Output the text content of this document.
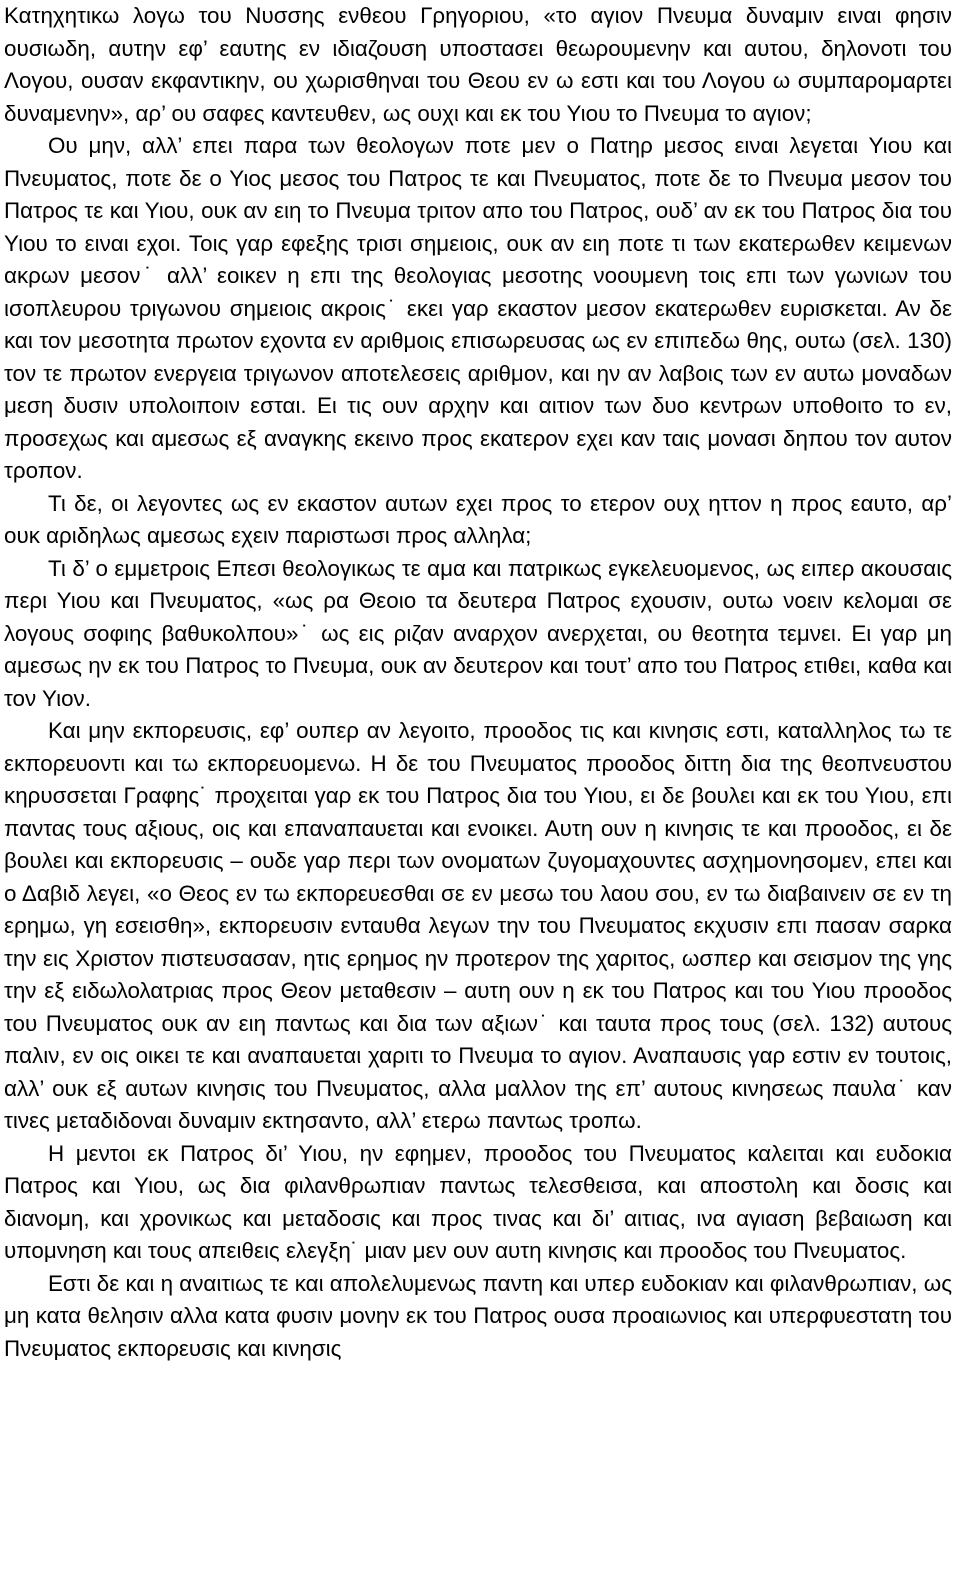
Κατηχητικω λογω του Νυσσης ενθεου Γρηγοριου, «το αγιον Πνευμα δυναμιν ειναι φησιν ουσιωδη, αυτην εφ’ εαυτης εν ιδιαζουση υποστασει θεωρουμενην και αυτου, δηλονοτι του Λογου, ουσαν εκφαντικην, ου χωρισθηναι του Θεου εν ω εστι και του Λογου ω συμπαρομαρτει δυναμενην», αρ’ ου σαφες καντευθεν, ως ουχι και εκ του Υιου το Πνευμα το αγιον;

Ου μην, αλλ’ επει παρα των θεολογων ποτε μεν ο Πατηρ μεσος ειναι λεγεται Υιου και Πνευματος, ποτε δε ο Υιος μεσος του Πατρος τε και Πνευματος, ποτε δε το Πνευμα μεσον του Πατρος τε και Υιου, ουκ αν ειη το Πνευμα τριτον απο του Πατρος, ουδ’ αν εκ του Πατρος δια του Υιου το ειναι εχοι. Τοις γαρ εφεξης τρισι σημειοις, ουκ αν ειη ποτε τι των εκατερωθεν κειμενων ακρων μεσον˙ αλλ’ εοικεν η επι της θεολογιας μεσοτης νοουμενη τοις επι των γωνιων του ισοπλευρου τριγωνου σημειοις ακροις˙ εκει γαρ εκαστον μεσον εκατερωθεν ευρισκεται. Αν δε και τον μεσοτητα πρωτον εχοντα εν αριθμοις επισωρευσας ως εν επιπεδω θης, ουτω (σελ. 130) τον τε πρωτον ενεργεια τριγωνον αποτελεσεις αριθμον, και ην αν λαβοις των εν αυτω μοναδων μεση δυσιν υπολοιποιν εσται. Ει τις ουν αρχην και αιτιον των δυο κεντρων υποθοιτο το εν, προσεχως και αμεσως εξ αναγκης εκεινο προς εκατερον εχει καν ταις μονασι δηπου τον αυτον τροπον.

Τι δε, οι λεγοντες ως εν εκαστον αυτων εχει προς το ετερον ουχ ηττον η προς εαυτο, αρ’ ουκ αριδηλως αμεσως εχειν παριστωσι προς αλληλα;

Τι δ’ ο εμμετροις Επεσι θεολογικως τε αμα και πατρικως εγκελευομενος, ως ειπερ ακουσαις περι Υιου και Πνευματος, «ως ρα Θεοιο τα δευτερα Πατρος εχουσιν, ουτω νοειν κελομαι σε λογους σοφιης βαθυκολπου»˙ ως εις ριζαν αναρχον ανερχεται, ου θεοτητα τεμνει. Ει γαρ μη αμεσως ην εκ του Πατρος το Πνευμα, ουκ αν δευτερον και τουτ’ απο του Πατρος ετιθει, καθα και τον Υιον.

Και μην εκπορευσις, εφ’ ουπερ αν λεγοιτο, προοδος τις και κινησις εστι, καταλληλος τω τε εκπορευοντι και τω εκπορευομενω. Η δε του Πνευματος προοδος διττη δια της θεοπνευστου κηρυσσεται Γραφης˙ προχειται γαρ εκ του Πατρος δια του Υιου, ει δε βουλει και εκ του Υιου, επι παντας τους αξιους, οις και επαναπαυεται και ενοικει. Αυτη ουν η κινησις τε και προοδος, ει δε βουλει και εκπορευσις – ουδε γαρ περι των ονοματων ζυγομαχουντες ασχημονησομεν, επει και ο Δαβιδ λεγει, «ο Θεος εν τω εκπορευεσθαι σε εν μεσω του λαου σου, εν τω διαβαινειν σε εν τη ερημω, γη εσεισθη», εκπορευσιν ενταυθα λεγων την του Πνευματος εκχυσιν επι πασαν σαρκα την εις Χριστον πιστευσασαν, ητις ερημος ην προτερον της χαριτος, ωσπερ και σεισμον της γης την εξ ειδωλολατριας προς Θεον μεταθεσιν – αυτη ουν η εκ του Πατρος και του Υιου προοδος του Πνευματος ουκ αν ειη παντως και δια των αξιων˙ και ταυτα προς τους (σελ. 132) αυτους παλιν, εν οις οικει τε και αναπαυεται χαριτι το Πνευμα το αγιον. Αναπαυσις γαρ εστιν εν τουτοις, αλλ’ ουκ εξ αυτων κινησις του Πνευματος, αλλα μαλλον της επ’ αυτους κινησεως παυλα˙ καν τινες μεταδιδοναι δυναμιν εκτησαντο, αλλ’ ετερω παντως τροπω.

Η μεντοι εκ Πατρος δι’ Υιου, ην εφημεν, προοδος του Πνευματος καλειται και ευδοκια Πατρος και Υιου, ως δια φιλανθρωπιαν παντως τελεσθεισα, και αποστολη και δοσις και διανομη, και χρονικως και μεταδοσις και προς τινας και δι’ αιτιας, ινα αγιαση βεβαιωση και υπομνηση και τους απειθεις ελεγξη˙ μιαν μεν ουν αυτη κινησις και προοδος του Πνευματος.

Εστι δε και η αναιτιως τε και απολελυμενως παντη και υπερ ευδοκιαν και φιλανθρωπιαν, ως μη κατα θελησιν αλλα κατα φυσιν μονην εκ του Πατρος ουσα προαιωνιος και υπερφυεστατη του Πνευματος εκπορευσις και κινησις
